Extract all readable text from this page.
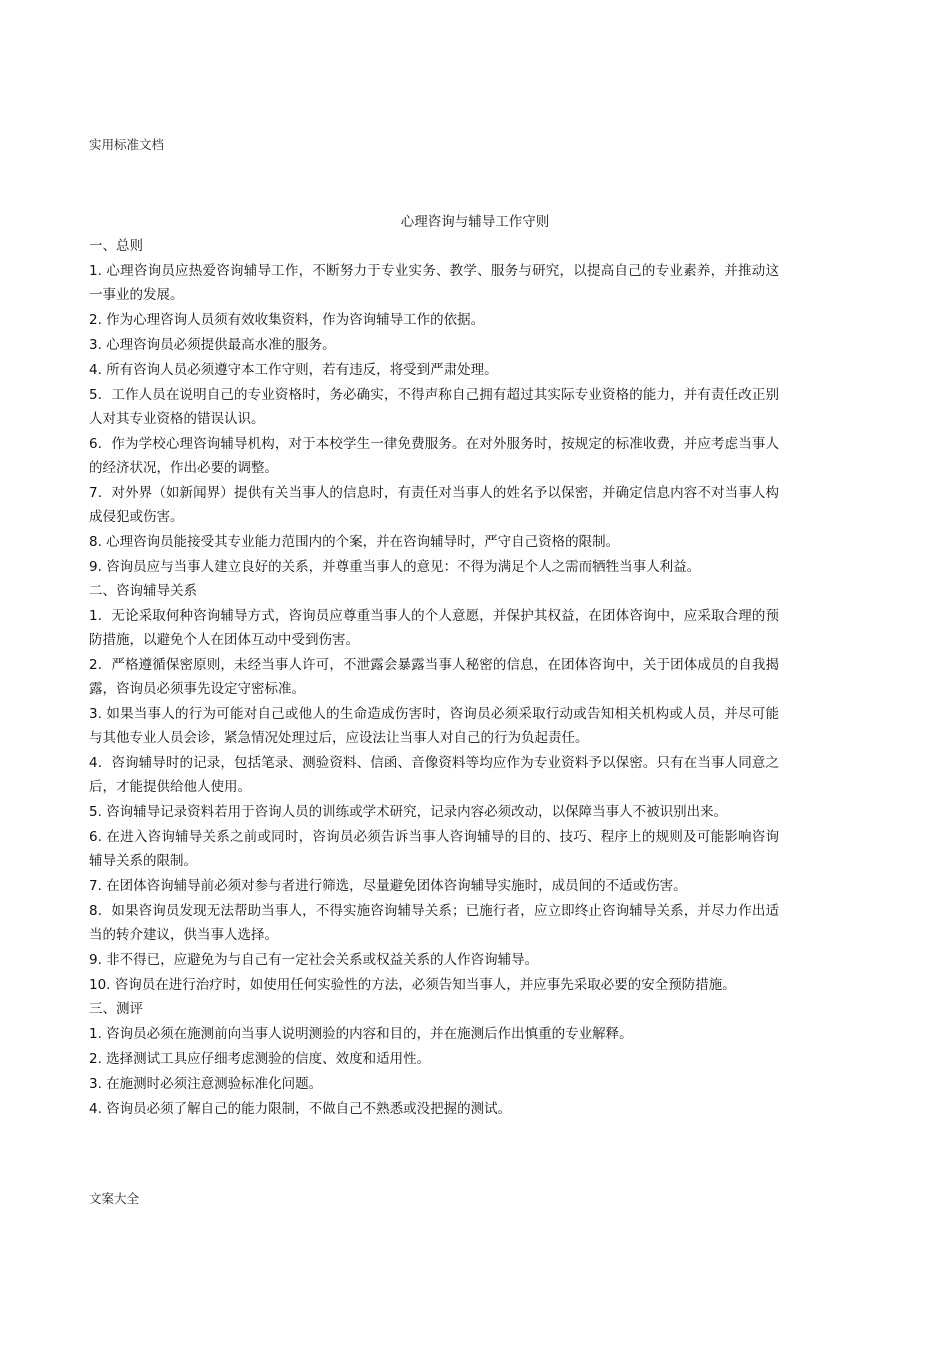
实用标准文档
心理咨询与辅导工作守则
一、总则
1. 心理咨询员应热爱咨询辅导工作，不断努力于专业实务、教学、服务与研究，以提高自己的专业素养，并推动这一事业的发展。
2. 作为心理咨询人员须有效收集资料，作为咨询辅导工作的依据。
3. 心理咨询员必须提供最高水准的服务。
4. 所有咨询人员必须遵守本工作守则，若有违反，将受到严肃处理。
5．工作人员在说明自己的专业资格时，务必确实，不得声称自己拥有超过其实际专业资格的能力，并有责任改正别人对其专业资格的错误认识。
6．作为学校心理咨询辅导机构，对于本校学生一律免费服务。在对外服务时，按规定的标准收费，并应考虑当事人的经济状况，作出必要的调整。
7．对外界（如新闻界）提供有关当事人的信息时，有责任对当事人的姓名予以保密，并确定信息内容不对当事人构成侵犯或伤害。
8. 心理咨询员能接受其专业能力范围内的个案，并在咨询辅导时，严守自己资格的限制。
9. 咨询员应与当事人建立良好的关系，并尊重当事人的意见：不得为满足个人之需而牺牲当事人利益。
二、咨询辅导关系
1．无论采取何种咨询辅导方式，咨询员应尊重当事人的个人意愿，并保护其权益，在团体咨询中，应采取合理的预防措施，以避免个人在团体互动中受到伤害。
2．严格遵循保密原则，未经当事人许可，不泄露会暴露当事人秘密的信息，在团体咨询中，关于团体成员的自我揭露，咨询员必须事先设定守密标准。
3. 如果当事人的行为可能对自己或他人的生命造成伤害时，咨询员必须采取行动或告知相关机构或人员，并尽可能与其他专业人员会诊，紧急情况处理过后，应设法让当事人对自己的行为负起责任。
4．咨询辅导时的记录，包括笔录、测验资料、信函、音像资料等均应作为专业资料予以保密。只有在当事人同意之后，才能提供给他人使用。
5. 咨询辅导记录资料若用于咨询人员的训练或学术研究，记录内容必须改动，以保障当事人不被识别出来。
6. 在进入咨询辅导关系之前或同时，咨询员必须告诉当事人咨询辅导的目的、技巧、程序上的规则及可能影响咨询辅导关系的限制。
7. 在团体咨询辅导前必须对参与者进行筛选，尽量避免团体咨询辅导实施时，成员间的不适或伤害。
8．如果咨询员发现无法帮助当事人，不得实施咨询辅导关系；已施行者，应立即终止咨询辅导关系，并尽力作出适当的转介建议，供当事人选择。
9. 非不得已，应避免为与自己有一定社会关系或权益关系的人作咨询辅导。
10. 咨询员在进行治疗时，如使用任何实验性的方法，必须告知当事人，并应事先采取必要的安全预防措施。
三、测评
1. 咨询员必须在施测前向当事人说明测验的内容和目的，并在施测后作出慎重的专业解释。
2. 选择测试工具应仔细考虑测验的信度、效度和适用性。
3. 在施测时必须注意测验标准化问题。
4. 咨询员必须了解自己的能力限制，不做自己不熟悉或没把握的测试。
文案大全
